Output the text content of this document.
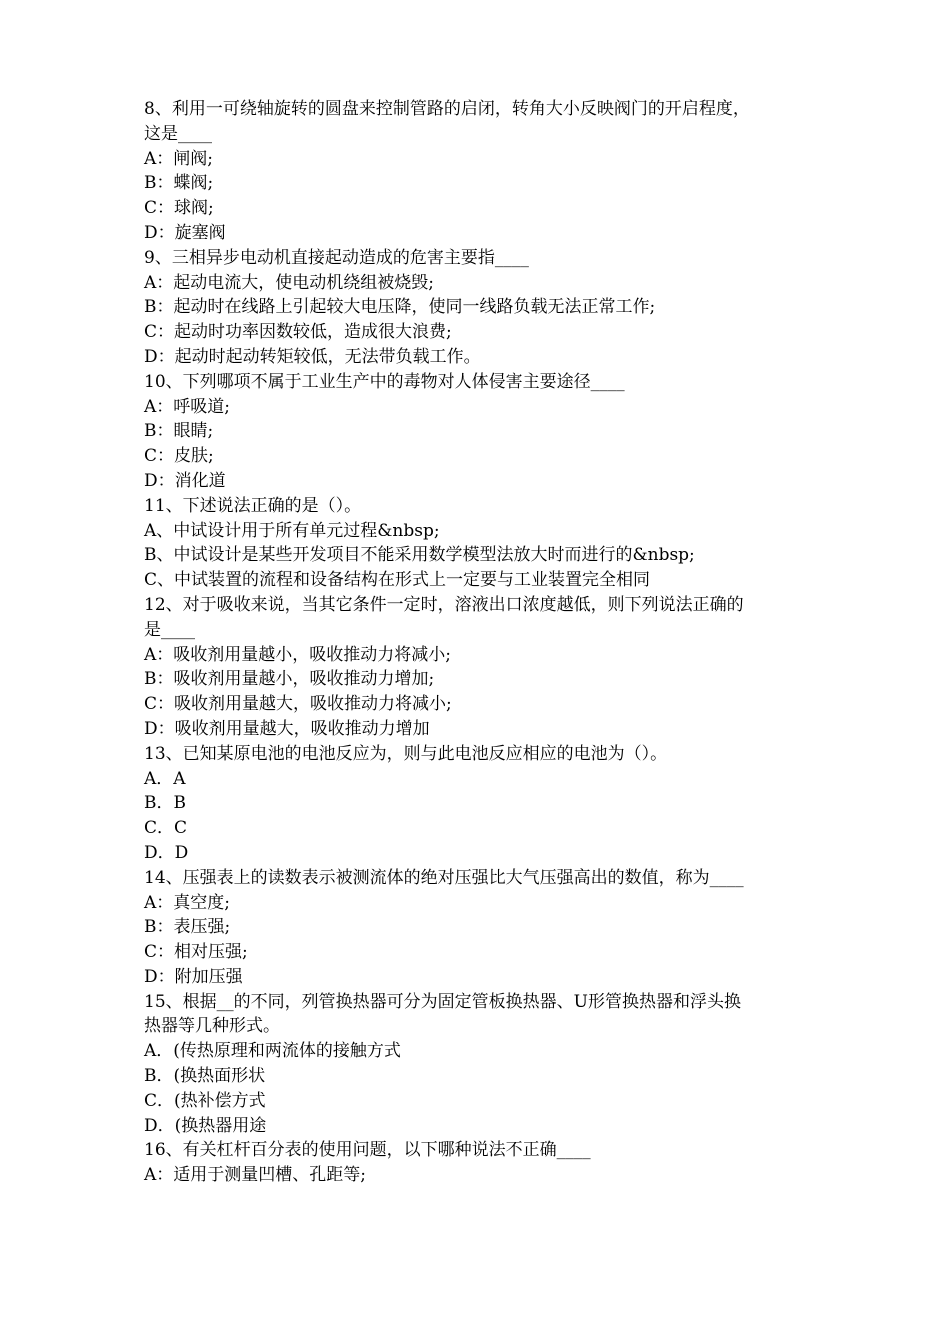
8、利用一可绕轴旋转的圆盘来控制管路的启闭，转角大小反映阀门的开启程度，
这是____
A：闸阀;
B：蝶阀;
C：球阀;
D：旋塞阀
9、三相异步电动机直接起动造成的危害主要指____
A：起动电流大，使电动机绕组被烧毁;
B：起动时在线路上引起较大电压降，使同一线路负载无法正常工作;
C：起动时功率因数较低，造成很大浪费;
D：起动时起动转矩较低，无法带负载工作。
10、下列哪项不属于工业生产中的毒物对人体侵害主要途径____
A：呼吸道;
B：眼睛;
C：皮肤;
D：消化道
11、下述说法正确的是（）。
A、中试设计用于所有单元过程&nbsp;
B、中试设计是某些开发项目不能采用数学模型法放大时而进行的&nbsp;
C、中试装置的流程和设备结构在形式上一定要与工业装置完全相同
12、对于吸收来说，当其它条件一定时，溶液出口浓度越低，则下列说法正确的
是____
A：吸收剂用量越小，吸收推动力将减小;
B：吸收剂用量越小，吸收推动力增加;
C：吸收剂用量越大，吸收推动力将减小;
D：吸收剂用量越大，吸收推动力增加
13、已知某原电池的电池反应为，则与此电池反应相应的电池为（）。
A．A
B．B
C．C
D．D
14、压强表上的读数表示被测流体的绝对压强比大气压强高出的数值，称为____
A：真空度;
B：表压强;
C：相对压强;
D：附加压强
15、根据__的不同，列管换热器可分为固定管板换热器、U形管换热器和浮头换
热器等几种形式。
A．(传热原理和两流体的接触方式
B．(换热面形状
C．(热补偿方式
D．(换热器用途
16、有关杠杆百分表的使用问题，以下哪种说法不正确____
A：适用于测量凹槽、孔距等;
